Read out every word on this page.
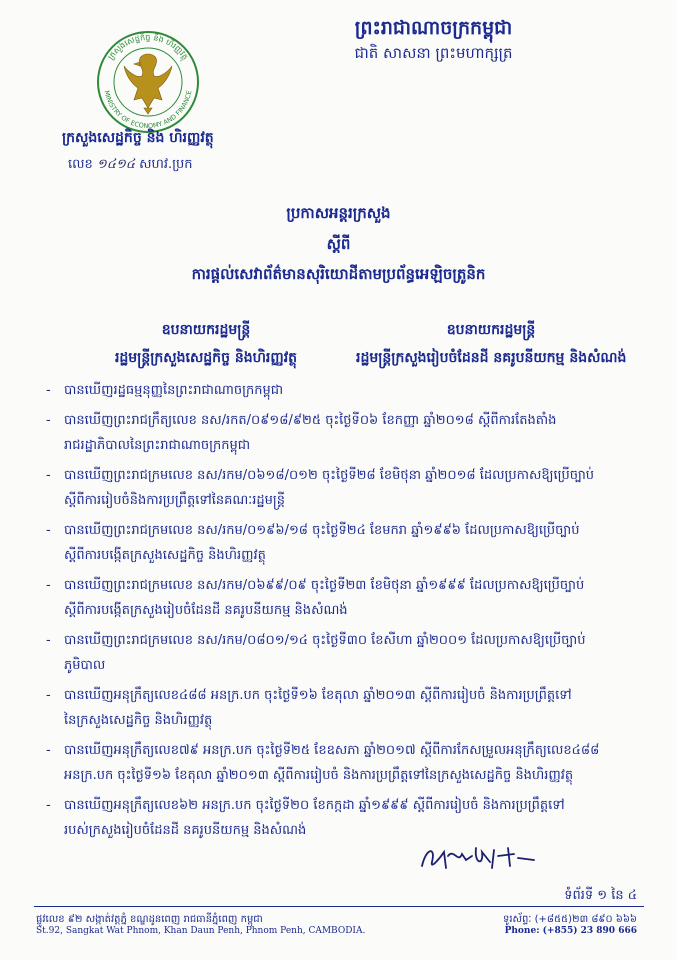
ក្រសួងសេដ្ឋកិច្ច និង ហិរញ្ញវត្ថុ
MINISTRY OF ECONOMY AND FINANCE
ក្រសួងសេដ្ឋកិច្ច និង ហិរញ្ញវត្ថុ
លេខ ១៤១៤ សហវ.ប្រក
ព្រះរាជាណាចក្រកម្ពុជា
ជាតិ សាសនា ព្រះមហាក្សត្រ
ប្រកាសអន្តរក្រសួង
ស្តីពី
ការផ្តល់សេវាព័ត៌មានសុរិយោដីតាមប្រព័ន្ធអេឡិចត្រូនិក
ឧបនាយករដ្ឋមន្ត្រី
រដ្ឋមន្ត្រីក្រសួងសេដ្ឋកិច្ច និងហិរញ្ញវត្ថុ
ឧបនាយករដ្ឋមន្ត្រី
រដ្ឋមន្ត្រីក្រសួងរៀបចំដែនដី នគរូបនីយកម្ម និងសំណង់
-	បានឃើញរដ្ឋធម្មនុញ្ញនៃព្រះរាជាណាចក្រកម្ពុជា
-	បានឃើញព្រះរាជក្រឹត្យលេខ នស/រកត/០៩១៨/៩២៥ ចុះថ្ងៃទី០៦ ខែកញ្ញា ឆ្នាំ២០១៨ ស្តីពីការតែងតាំង
រាជរដ្ឋាភិបាលនៃព្រះរាជាណាចក្រកម្ពុជា
-	បានឃើញព្រះរាជក្រមលេខ នស/រកម/០៦១៨/០១២ ចុះថ្ងៃទី២៨ ខែមិថុនា ឆ្នាំ២០១៨ ដែលប្រកាសឱ្យប្រើច្បាប់
ស្តីពីការរៀបចំនិងការប្រព្រឹត្តទៅនៃគណៈរដ្ឋមន្ត្រី
-	បានឃើញព្រះរាជក្រមលេខ នស/រកម/០១៩៦/១៨ ចុះថ្ងៃទី២៤ ខែមករា ឆ្នាំ១៩៩៦ ដែលប្រកាសឱ្យប្រើច្បាប់
ស្តីពីការបង្កើតក្រសួងសេដ្ឋកិច្ច និងហិរញ្ញវត្ថុ
-	បានឃើញព្រះរាជក្រមលេខ នស/រកម/០៦៩៩/០៩ ចុះថ្ងៃទី២៣ ខែមិថុនា ឆ្នាំ១៩៩៩ ដែលប្រកាសឱ្យប្រើច្បាប់
ស្តីពីការបង្កើតក្រសួងរៀបចំដែនដី នគរូបនីយកម្ម និងសំណង់
-	បានឃើញព្រះរាជក្រមលេខ នស/រកម/០៨០១/១៤ ចុះថ្ងៃទី៣០ ខែសីហា ឆ្នាំ២០០១ ដែលប្រកាសឱ្យប្រើច្បាប់
ភូមិបាល
-	បានឃើញអនុក្រឹត្យលេខ៤៨៨ អនក្រ.បក ចុះថ្ងៃទី១៦ ខែតុលា ឆ្នាំ២០១៣ ស្តីពីការរៀបចំ និងការប្រព្រឹត្តទៅ
នៃក្រសួងសេដ្ឋកិច្ច និងហិរញ្ញវត្ថុ
-	បានឃើញអនុក្រឹត្យលេខ៧៩ អនក្រ.បក ចុះថ្ងៃទី២៥ ខែឧសភា ឆ្នាំ២០១៧ ស្តីពីការកែសម្រួលអនុក្រឹត្យលេខ៤៨៨
អនក្រ.បក ចុះថ្ងៃទី១៦ ខែតុលា ឆ្នាំ២០១៣ ស្តីពីការរៀបចំ និងការប្រព្រឹត្តទៅនៃក្រសួងសេដ្ឋកិច្ច និងហិរញ្ញវត្ថុ
-	បានឃើញអនុក្រឹត្យលេខ៦២ អនក្រ.បក ចុះថ្ងៃទី២០ ខែកក្កដា ឆ្នាំ១៩៩៩ ស្តីពីការរៀបចំ និងការប្រព្រឹត្តទៅ
របស់ក្រសួងរៀបចំដែនដី នគរូបនីយកម្ម និងសំណង់
ទំព័រទី ១ នៃ ៤
ផ្លូវលេខ ៩២ សង្កាត់វត្តភ្នំ ខណ្ឌដូនពេញ រាជធានីភ្នំពេញ កម្ពុជា
St.92, Sangkat Wat Phnom, Khan Daun Penh, Phnom Penh, CAMBODIA.
ទូរស័ព្ទៈ (+៨៥៥)២៣ ៨៩០ ៦៦៦
Phone: (+855) 23 890 666
